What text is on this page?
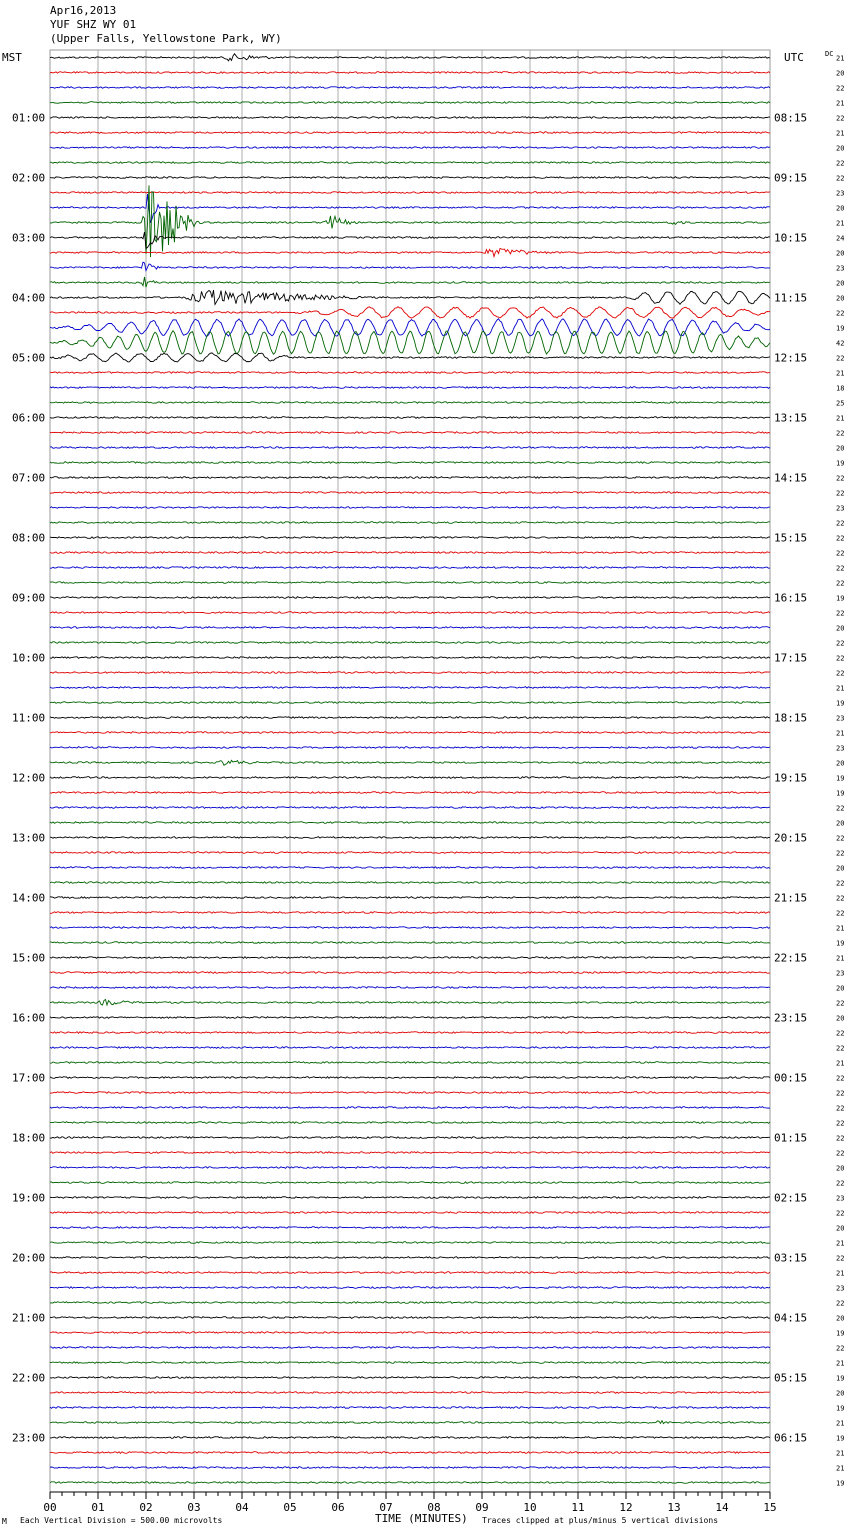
Apr16,2013
YUF SHZ WY 01
(Upper Falls, Yellowstone Park, WY)
MST	UTC	DC
01:00
02:00
03:00
04:00
05:00
06:00
07:00
08:00
09:00
10:00
11:00
12:00
13:00
14:00
15:00
16:00
17:00
18:00
19:00
20:00
21:00
22:00
23:00
08:15
09:15
10:15
11:15
12:15
13:15
14:15
15:15
16:15
17:15
18:15
19:15
20:15
21:15
22:15
23:15
00:15
01:15
02:15
03:15
04:15
05:15
06:15
21
20
22
21
22
21
20
22
22
23
20
21
24
20
23
20
20
22
19
42
22
21
18
25
21
22
20
19
22
22
23
22
22
22
22
22
19
22
20
22
22
22
21
19
23
21
23
20
19
19
22
20
22
22
20
22
22
22
21
19
21
23
20
22
20
22
22
21
22
22
22
22
22
22
20
22
23
22
20
21
22
21
23
22
20
19
22
21
19
20
19
21
19
21
21
19
00	01	02	03	04	05	06	07	08	09	10	11	12	13	14	15
TIME (MINUTES)
M Each Vertical Division = 500.00 microvolts	Traces clipped at plus/minus 5 vertical divisions
